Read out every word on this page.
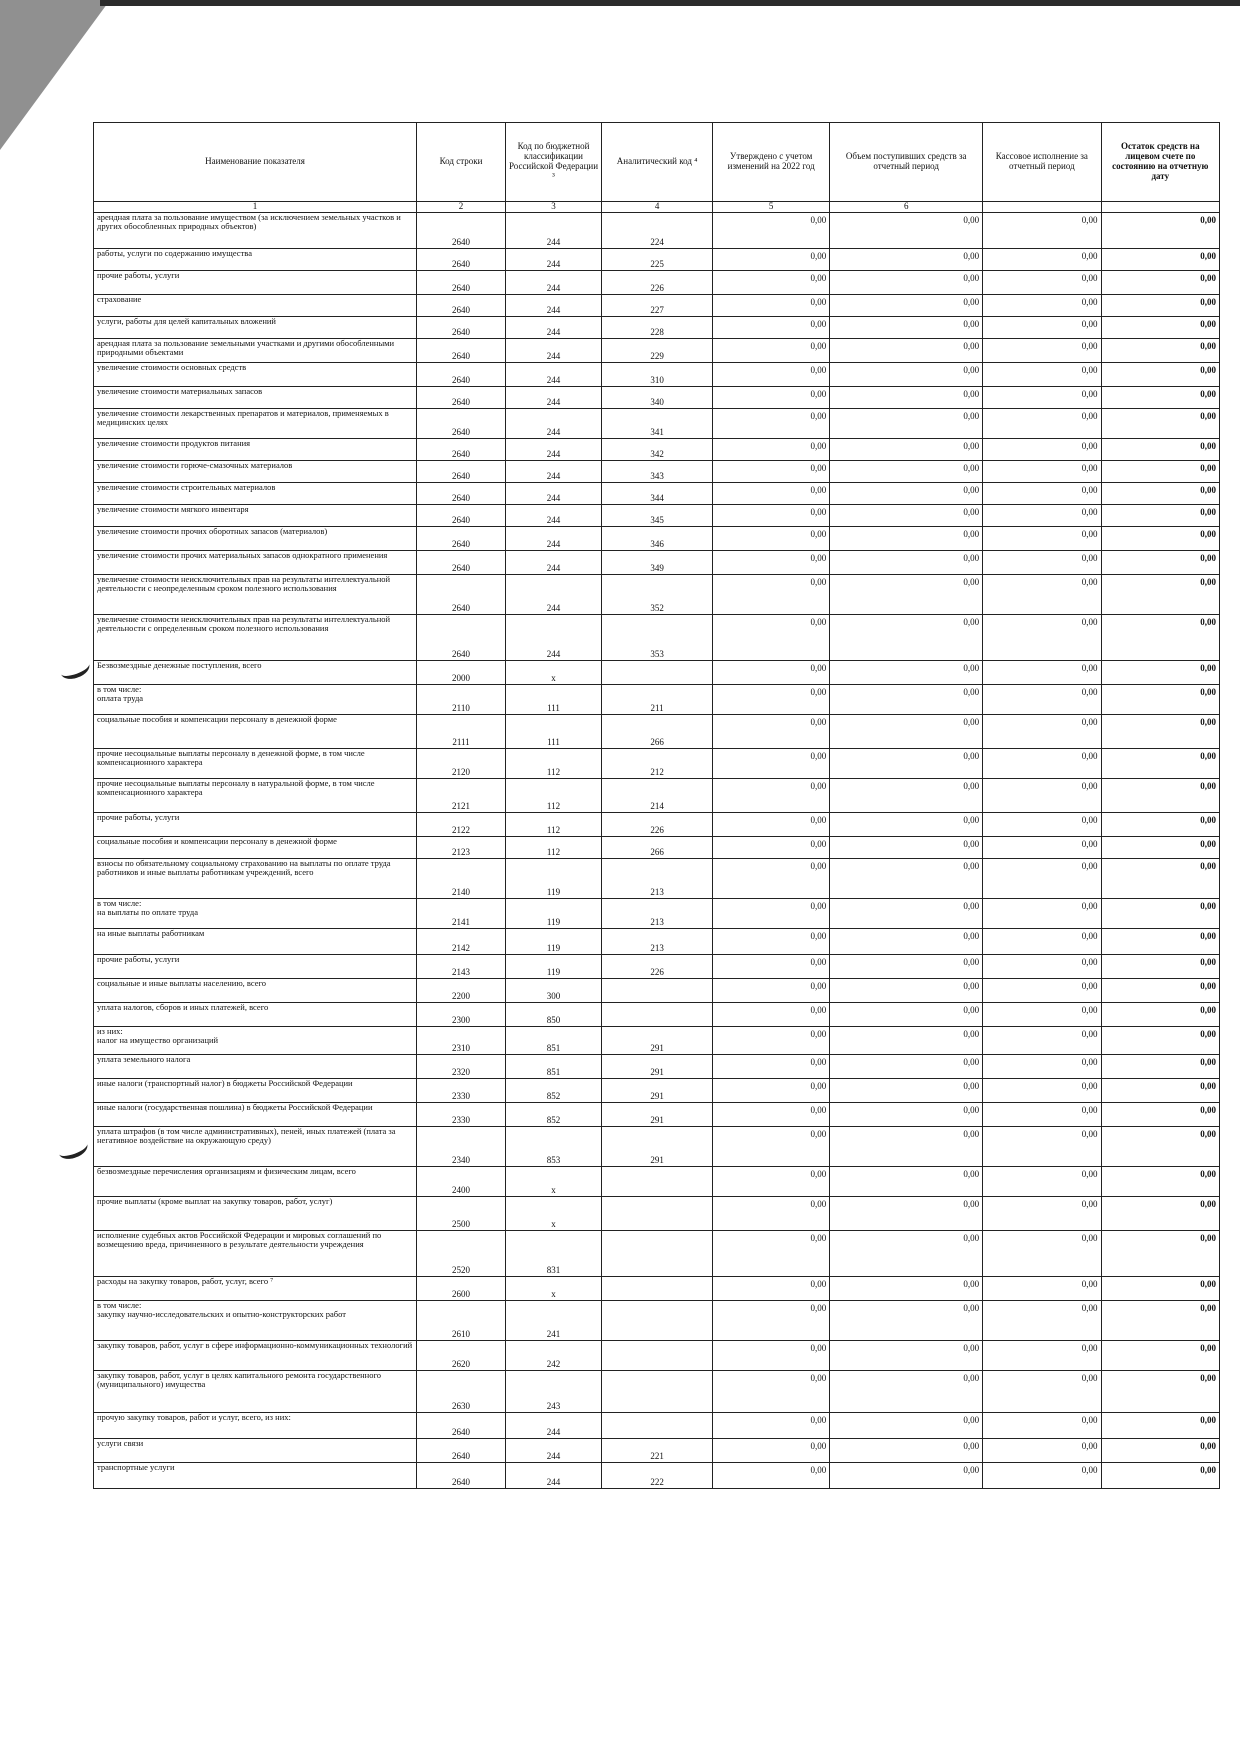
Наименование показателя	Код строки	Код по бюджетной классификации Российской Федерации ³	Аналитический код ⁴	Утверждено с учетом изменений на 2022 год	Объем поступивших средств за отчетный период	Кассовое исполнение за отчетный период	Остаток средств на лицевом счете по состоянию на отчетную дату
1	2	3	4	5	6		
арендная плата за пользование имуществом (за исключением земельных участков и других обособленных природных объектов)	2640	244	224	0,00	0,00	0,00	0,00
работы, услуги по содержанию имущества	2640	244	225	0,00	0,00	0,00	0,00
прочие работы, услуги	2640	244	226	0,00	0,00	0,00	0,00
страхование	2640	244	227	0,00	0,00	0,00	0,00
услуги, работы для целей капитальных вложений	2640	244	228	0,00	0,00	0,00	0,00
арендная плата за пользование земельными участками и другими обособленными природными объектами	2640	244	229	0,00	0,00	0,00	0,00
увеличение стоимости основных средств	2640	244	310	0,00	0,00	0,00	0,00
увеличение стоимости материальных запасов	2640	244	340	0,00	0,00	0,00	0,00
увеличение стоимости лекарственных препаратов и материалов, применяемых в медицинских целях	2640	244	341	0,00	0,00	0,00	0,00
увеличение стоимости продуктов питания	2640	244	342	0,00	0,00	0,00	0,00
увеличение стоимости горюче-смазочных материалов	2640	244	343	0,00	0,00	0,00	0,00
увеличение стоимости строительных материалов	2640	244	344	0,00	0,00	0,00	0,00
увеличение стоимости мягкого инвентаря	2640	244	345	0,00	0,00	0,00	0,00
увеличение стоимости прочих оборотных запасов (материалов)	2640	244	346	0,00	0,00	0,00	0,00
увеличение стоимости прочих материальных запасов однократного применения	2640	244	349	0,00	0,00	0,00	0,00
увеличение стоимости неисключительных прав на результаты интеллектуальной деятельности с неопределенным сроком полезного использования	2640	244	352	0,00	0,00	0,00	0,00
увеличение стоимости неисключительных прав на результаты интеллектуальной деятельности с определенным сроком полезного использования	2640	244	353	0,00	0,00	0,00	0,00
Безвозмездные денежные поступления, всего	2000	x		0,00	0,00	0,00	0,00
в том числе:
оплата труда	2110	111	211	0,00	0,00	0,00	0,00
социальные пособия и компенсации персоналу в денежной форме	2111	111	266	0,00	0,00	0,00	0,00
прочие несоциальные выплаты персоналу в денежной форме, в том числе компенсационного характера	2120	112	212	0,00	0,00	0,00	0,00
прочие несоциальные выплаты персоналу в натуральной форме, в том числе компенсационного характера	2121	112	214	0,00	0,00	0,00	0,00
прочие работы, услуги	2122	112	226	0,00	0,00	0,00	0,00
социальные пособия и компенсации персоналу в денежной форме	2123	112	266	0,00	0,00	0,00	0,00
взносы по обязательному социальному страхованию на выплаты по оплате труда работников и иные выплаты работникам учреждений, всего	2140	119	213	0,00	0,00	0,00	0,00
в том числе:
на выплаты по оплате труда	2141	119	213	0,00	0,00	0,00	0,00
на иные выплаты работникам	2142	119	213	0,00	0,00	0,00	0,00
прочие работы, услуги	2143	119	226	0,00	0,00	0,00	0,00
социальные и иные выплаты населению, всего	2200	300		0,00	0,00	0,00	0,00
уплата налогов, сборов и иных платежей, всего	2300	850		0,00	0,00	0,00	0,00
из них:
налог на имущество организаций	2310	851	291	0,00	0,00	0,00	0,00
уплата земельного налога	2320	851	291	0,00	0,00	0,00	0,00
иные налоги (транспортный налог) в бюджеты Российской Федерации	2330	852	291	0,00	0,00	0,00	0,00
иные налоги (государственная пошлина) в бюджеты Российской Федерации	2330	852	291	0,00	0,00	0,00	0,00
уплата штрафов (в том числе административных), пеней, иных платежей (плата за негативное воздействие на окружающую среду)	2340	853	291	0,00	0,00	0,00	0,00
безвозмездные перечисления организациям и физическим лицам, всего	2400	x		0,00	0,00	0,00	0,00
прочие выплаты (кроме выплат на закупку товаров, работ, услуг)	2500	x		0,00	0,00	0,00	0,00
исполнение судебных актов Российской Федерации и мировых соглашений по возмещению вреда, причиненного в результате деятельности учреждения	2520	831		0,00	0,00	0,00	0,00
расходы на закупку товаров, работ, услуг, всего ⁷	2600	x		0,00	0,00	0,00	0,00
в том числе:
закупку научно-исследовательских и опытно-конструкторских работ	2610	241		0,00	0,00	0,00	0,00
закупку товаров, работ, услуг в сфере информационно-коммуникационных технологий	2620	242		0,00	0,00	0,00	0,00
закупку товаров, работ, услуг в целях капитального ремонта государственного (муниципального) имущества	2630	243		0,00	0,00	0,00	0,00
прочую закупку товаров, работ и услуг, всего, из них:	2640	244		0,00	0,00	0,00	0,00
услуги связи	2640	244	221	0,00	0,00	0,00	0,00
транспортные услуги	2640	244	222	0,00	0,00	0,00	0,00
